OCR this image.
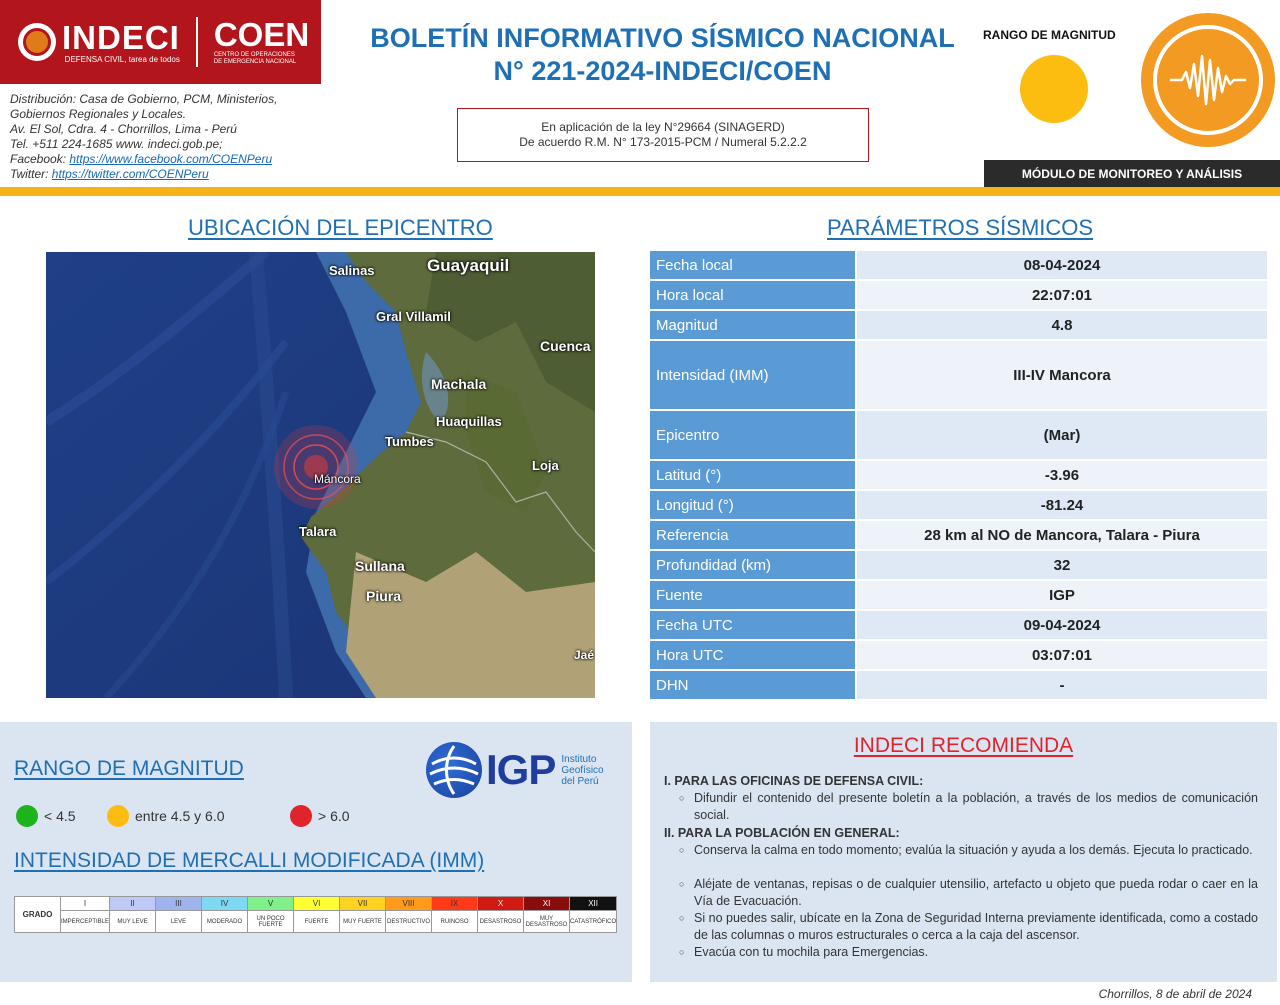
INDECI
DEFENSA CIVIL, tarea de todos
COEN
CENTRO DE OPERACIONES
DE EMERGENCIA NACIONAL
Distribución: Casa de Gobierno, PCM, Ministerios,
Gobiernos Regionales y Locales.
Av. El Sol, Cdra. 4 - Chorrillos, Lima - Perú
Tel. +511 224-1685 www. indeci.gob.pe;
Facebook: https://www.facebook.com/COENPeru
Twitter: https://twitter.com/COENPeru
BOLETÍN INFORMATIVO SÍSMICO NACIONAL
N° 221-2024-INDECI/COEN
En aplicación de la ley N°29664 (SINAGERD)
De acuerdo R.M. N° 173-2015-PCM / Numeral 5.2.2.2
RANGO DE MAGNITUD
MÓDULO DE MONITOREO Y ANÁLISIS
UBICACIÓN DEL EPICENTRO	PARÁMETROS SÍSMICOS
Salinas	Guayaquil
Gral Villamil
Cuenca
Machala
Huaquillas
Tumbes
Loja
Máncora
Talara
Sullana
Piura
Jaé
Fecha local	08-04-2024
Hora local	22:07:01
Magnitud	4.8
Intensidad (IMM)	III-IV Mancora
Epicentro	(Mar)
Latitud (°)	-3.96
Longitud (°)	-81.24
Referencia	28 km al NO de Mancora, Talara - Piura
Profundidad (km)	32
Fuente	IGP
Fecha UTC	09-04-2024
Hora UTC	03:07:01
DHN	-
RANGO DE MAGNITUD
< 4.5	entre 4.5 y 6.0	> 6.0
IGP Instituto
Geofísico
del Perú
INTENSIDAD DE MERCALLI MODIFICADA (IMM)
GRADO	I	II	III	IV	V	VI	VII	VIII	IX	X	XI	XII
	IMPERCEPTIBLE	MUY LEVE	LEVE	MODERADO	UN POCO FUERTE	FUERTE	MUY FUERTE	DESTRUCTIVO	RUINOSO	DESASTROSO	MUY DESASTROSO	CATASTRÓFICO
INDECI RECOMIENDA
I. PARA LAS OFICINAS DE DEFENSA CIVIL:
○ Difundir el contenido del presente boletín a la población, a través de los medios de comunicación social.
II. PARA LA POBLACIÓN EN GENERAL:
○ Conserva la calma en todo momento; evalúa la situación y ayuda a los demás. Ejecuta lo practicado.
○ Aléjate de ventanas, repisas o de cualquier utensilio, artefacto u objeto que pueda rodar o caer en la Vía de Evacuación.
○ Si no puedes salir, ubícate en la Zona de Seguridad Interna previamente identificada, como a costado de las columnas o muros estructurales o cerca a la caja del ascensor.
○ Evacúa con tu mochila para Emergencias.
Chorrillos, 8 de abril de 2024
